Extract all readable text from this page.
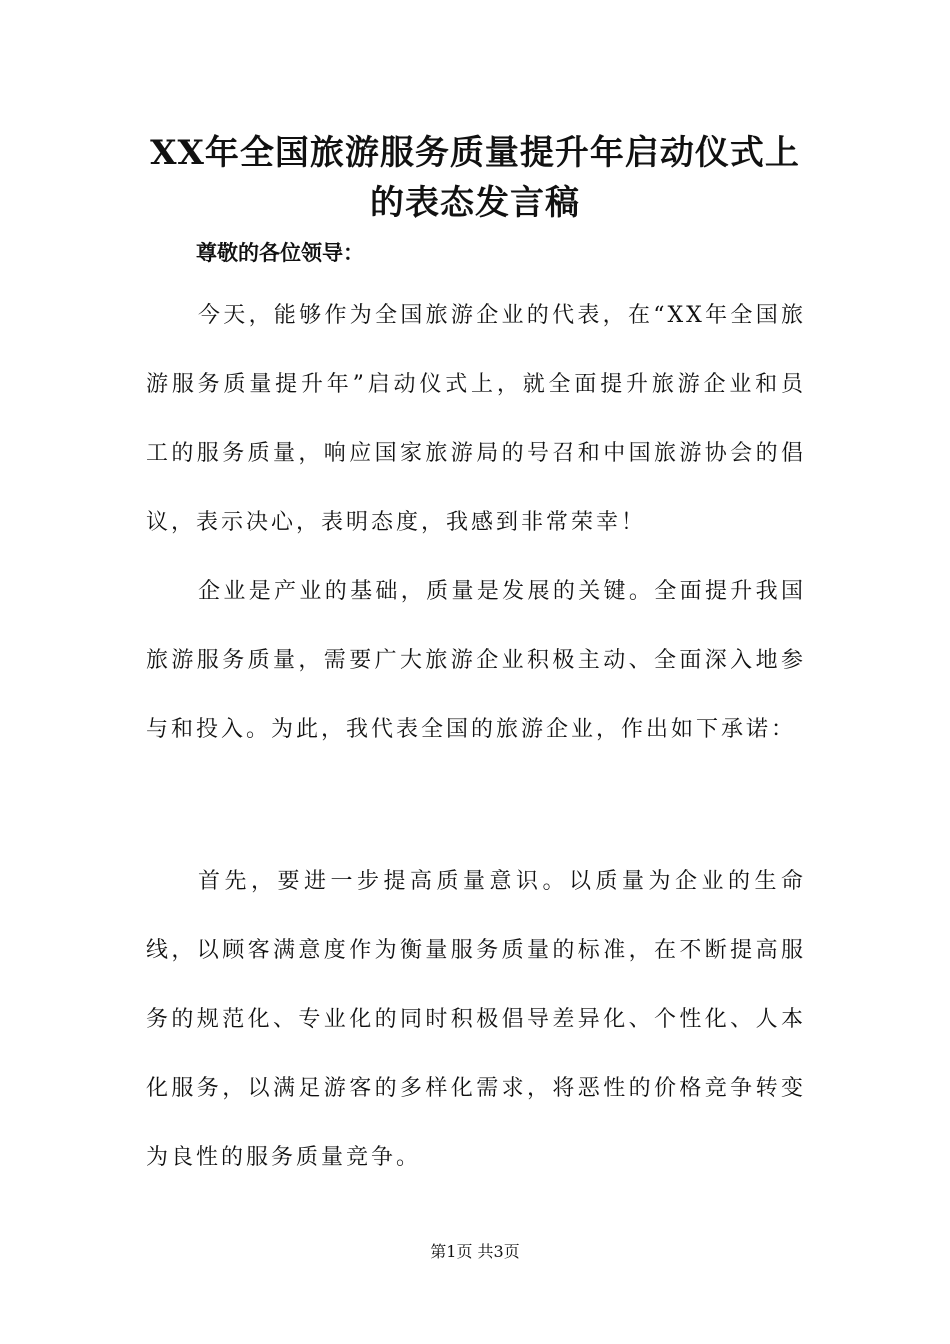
XX年全国旅游服务质量提升年启动仪式上
的表态发言稿
尊敬的各位领导：
今天，能够作为全国旅游企业的代表，在“XX年全国旅游服务质量提升年”启动仪式上，就全面提升旅游企业和员工的服务质量，响应国家旅游局的号召和中国旅游协会的倡议，表示决心，表明态度，我感到非常荣幸！
企业是产业的基础，质量是发展的关键。全面提升我国旅游服务质量，需要广大旅游企业积极主动、全面深入地参与和投入。为此，我代表全国的旅游企业，作出如下承诺：
首先，要进一步提高质量意识。以质量为企业的生命线，以顾客满意度作为衡量服务质量的标准，在不断提高服务的规范化、专业化的同时积极倡导差异化、个性化、人本化服务，以满足游客的多样化需求，将恶性的价格竞争转变为良性的服务质量竞争。
第1页 共3页
